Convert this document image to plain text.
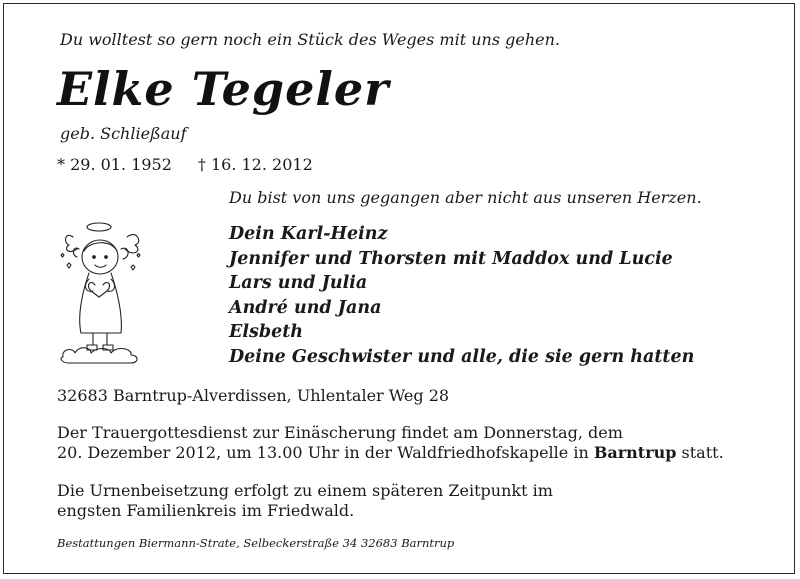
Du wolltest so gern noch ein Stück des Weges mit uns gehen.
Elke Tegeler
geb. Schließauf
* 29. 01. 1952 † 16. 12. 2012
Du bist von uns gegangen aber nicht aus unseren Herzen.
Dein Karl-Heinz
Jennifer und Thorsten mit Maddox und Lucie
Lars und Julia
André und Jana
Elsbeth
Deine Geschwister und alle, die sie gern hatten
32683 Barntrup-Alverdissen, Uhlentaler Weg 28
Der Trauergottesdienst zur Einäscherung findet am Donnerstag, dem
20. Dezember 2012, um 13.00 Uhr in der Waldfriedhofskapelle in Barntrup statt.
Die Urnenbeisetzung erfolgt zu einem späteren Zeitpunkt im
engsten Familienkreis im Friedwald.
Bestattungen Biermann-Strate, Selbeckerstraße 34 32683 Barntrup
